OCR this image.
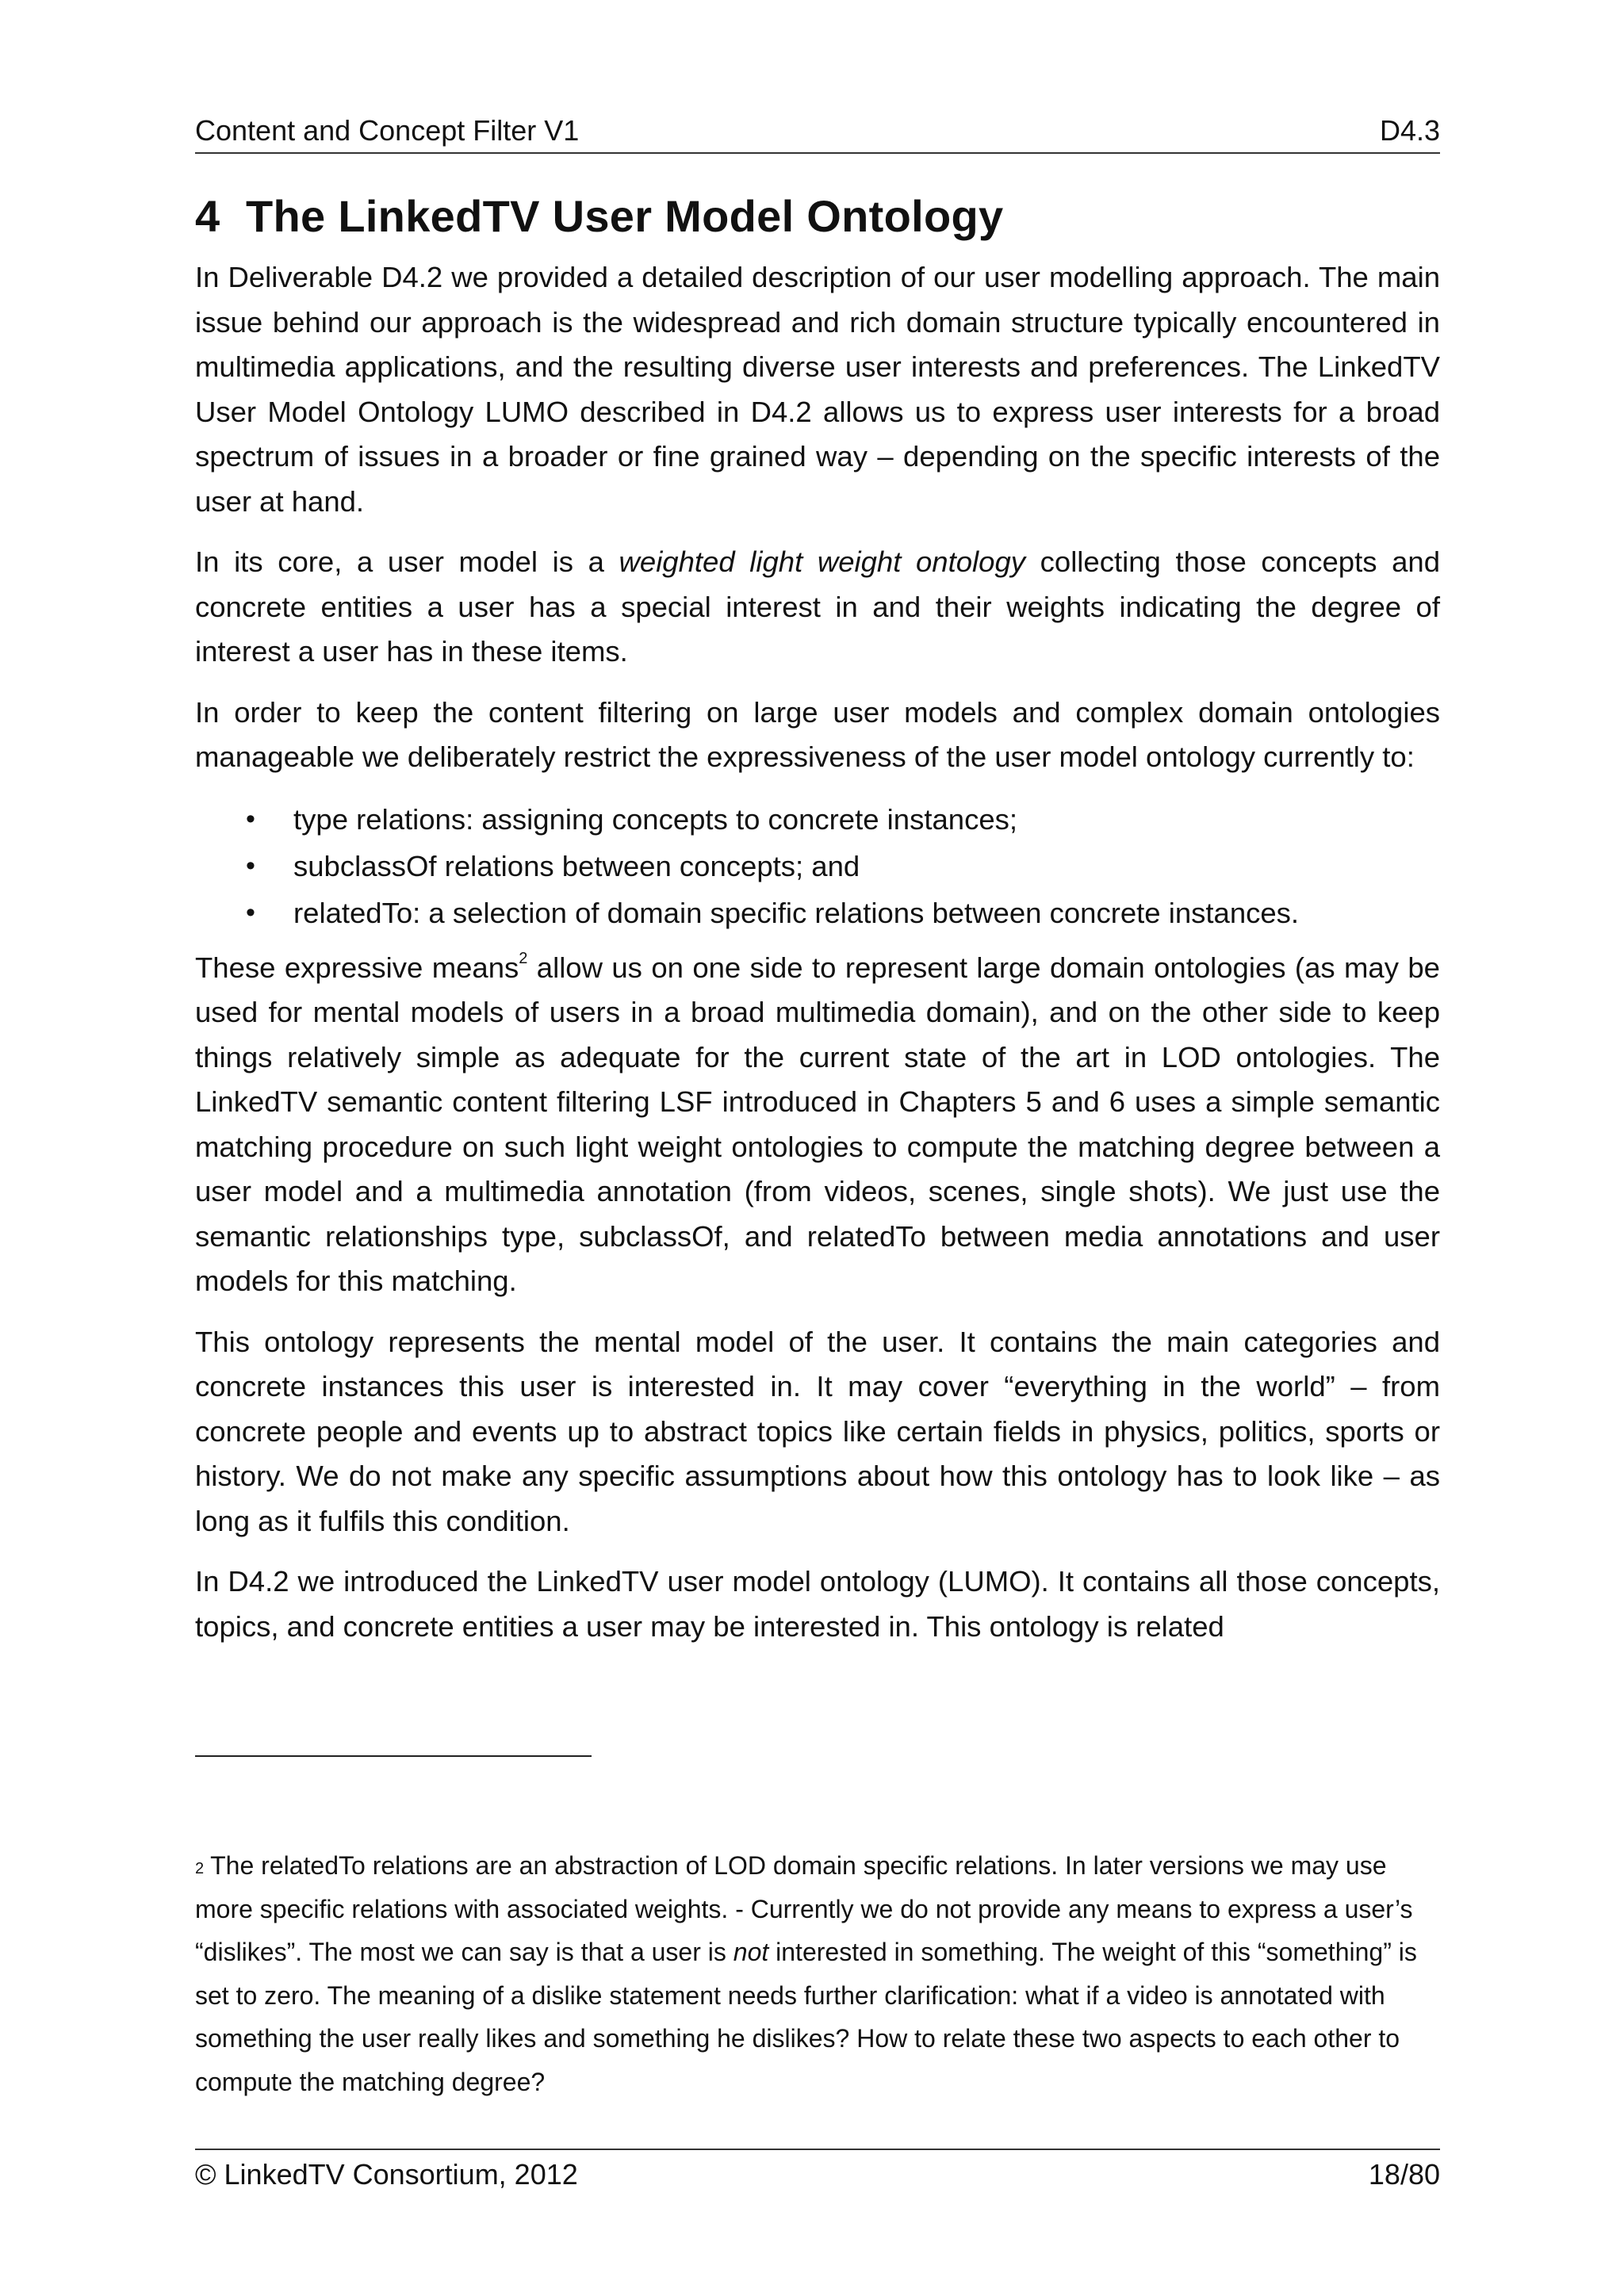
Content and Concept Filter V1	D4.3
4 The LinkedTV User Model Ontology

In Deliverable D4.2 we provided a detailed description of our user modelling approach. The main issue behind our approach is the widespread and rich domain structure typically encountered in multimedia applications, and the resulting diverse user interests and preferences. The LinkedTV User Model Ontology LUMO described in D4.2 allows us to express user interests for a broad spectrum of issues in a broader or fine grained way – depending on the specific interests of the user at hand.

In its core, a user model is a weighted light weight ontology collecting those concepts and concrete entities a user has a special interest in and their weights indicating the degree of interest a user has in these items.

In order to keep the content filtering on large user models and complex domain ontologies manageable we deliberately restrict the expressiveness of the user model ontology currently to:

• type relations: assigning concepts to concrete instances;
• subclassOf relations between concepts; and
• relatedTo: a selection of domain specific relations between concrete instances.

These expressive means$^2$ allow us on one side to represent large domain ontologies (as may be used for mental models of users in a broad multimedia domain), and on the other side to keep things relatively simple as adequate for the current state of the art in LOD ontologies. The LinkedTV semantic content filtering LSF introduced in Chapters 5 and 6 uses a simple semantic matching procedure on such light weight ontologies to compute the matching degree between a user model and a multimedia annotation (from videos, scenes, single shots). We just use the semantic relationships type, subclassOf, and relatedTo between media annotations and user models for this matching.

This ontology represents the mental model of the user. It contains the main categories and concrete instances this user is interested in. It may cover “everything in the world” – from concrete people and events up to abstract topics like certain fields in physics, politics, sports or history. We do not make any specific assumptions about how this ontology has to look like – as long as it fulfils this condition.

In D4.2 we introduced the LinkedTV user model ontology (LUMO). It contains all those concepts, topics, and concrete entities a user may be interested in. This ontology is related

$^2$ The relatedTo relations are an abstraction of LOD domain specific relations. In later versions we may use more specific relations with associated weights. - Currently we do not provide any means to express a user’s “dislikes”. The most we can say is that a user is not interested in something. The weight of this “something” is set to zero. The meaning of a dislike statement needs further clarification: what if a video is annotated with something the user really likes and something he dislikes? How to relate these two aspects to each other to compute the matching degree?

© LinkedTV Consortium, 2012	18/80
